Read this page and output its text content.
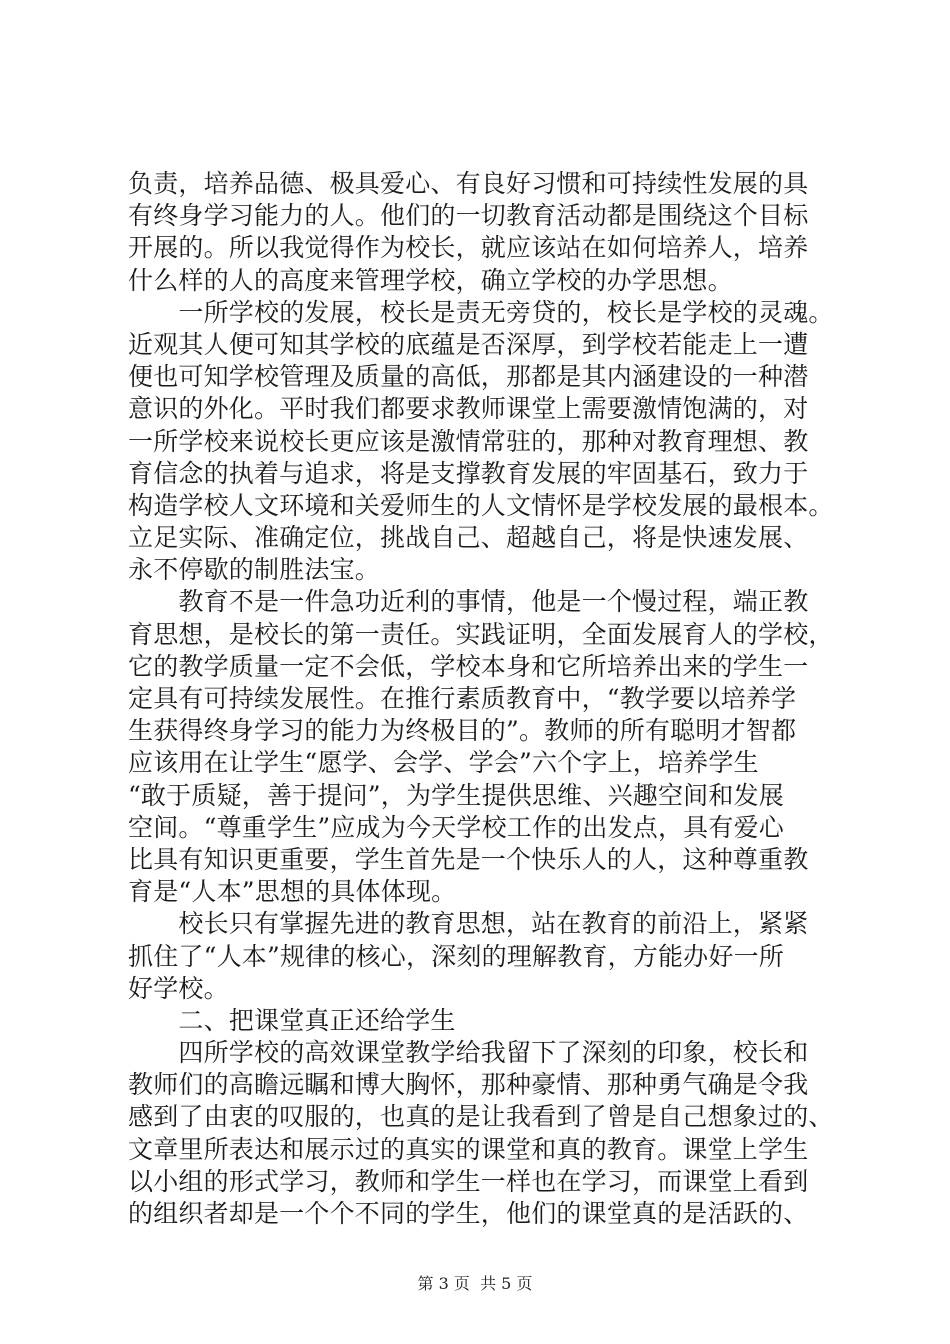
负责，培养品德、极具爱心、有良好习惯和可持续性发展的具
有终身学习能力的人。他们的一切教育活动都是围绕这个目标
开展的。所以我觉得作为校长，就应该站在如何培养人，培养
什么样的人的高度来管理学校，确立学校的办学思想。
　　一所学校的发展，校长是责无旁贷的，校长是学校的灵魂。
近观其人便可知其学校的底蕴是否深厚，到学校若能走上一遭
便也可知学校管理及质量的高低，那都是其内涵建设的一种潜
意识的外化。平时我们都要求教师课堂上需要激情饱满的，对
一所学校来说校长更应该是激情常驻的，那种对教育理想、教
育信念的执着与追求，将是支撑教育发展的牢固基石，致力于
构造学校人文环境和关爱师生的人文情怀是学校发展的最根本。
立足实际、准确定位，挑战自己、超越自己，将是快速发展、
永不停歇的制胜法宝。
　　教育不是一件急功近利的事情，他是一个慢过程，端正教
育思想，是校长的第一责任。实践证明，全面发展育人的学校，
它的教学质量一定不会低，学校本身和它所培养出来的学生一
定具有可持续发展性。在推行素质教育中，“教学要以培养学
生获得终身学习的能力为终极目的”。教师的所有聪明才智都
应该用在让学生“愿学、会学、学会”六个字上，培养学生
“敢于质疑，善于提问”，为学生提供思维、兴趣空间和发展
空间。“尊重学生”应成为今天学校工作的出发点，具有爱心
比具有知识更重要，学生首先是一个快乐人的人，这种尊重教
育是“人本”思想的具体体现。
　　校长只有掌握先进的教育思想，站在教育的前沿上，紧紧
抓住了“人本”规律的核心，深刻的理解教育，方能办好一所
好学校。
　　二、把课堂真正还给学生
　　四所学校的高效课堂教学给我留下了深刻的印象，校长和
教师们的高瞻远瞩和博大胸怀，那种豪情、那种勇气确是令我
感到了由衷的叹服的，也真的是让我看到了曾是自己想象过的、
文章里所表达和展示过的真实的课堂和真的教育。课堂上学生
以小组的形式学习，教师和学生一样也在学习，而课堂上看到
的组织者却是一个个不同的学生，他们的课堂真的是活跃的、
第 3 页  共 5 页
